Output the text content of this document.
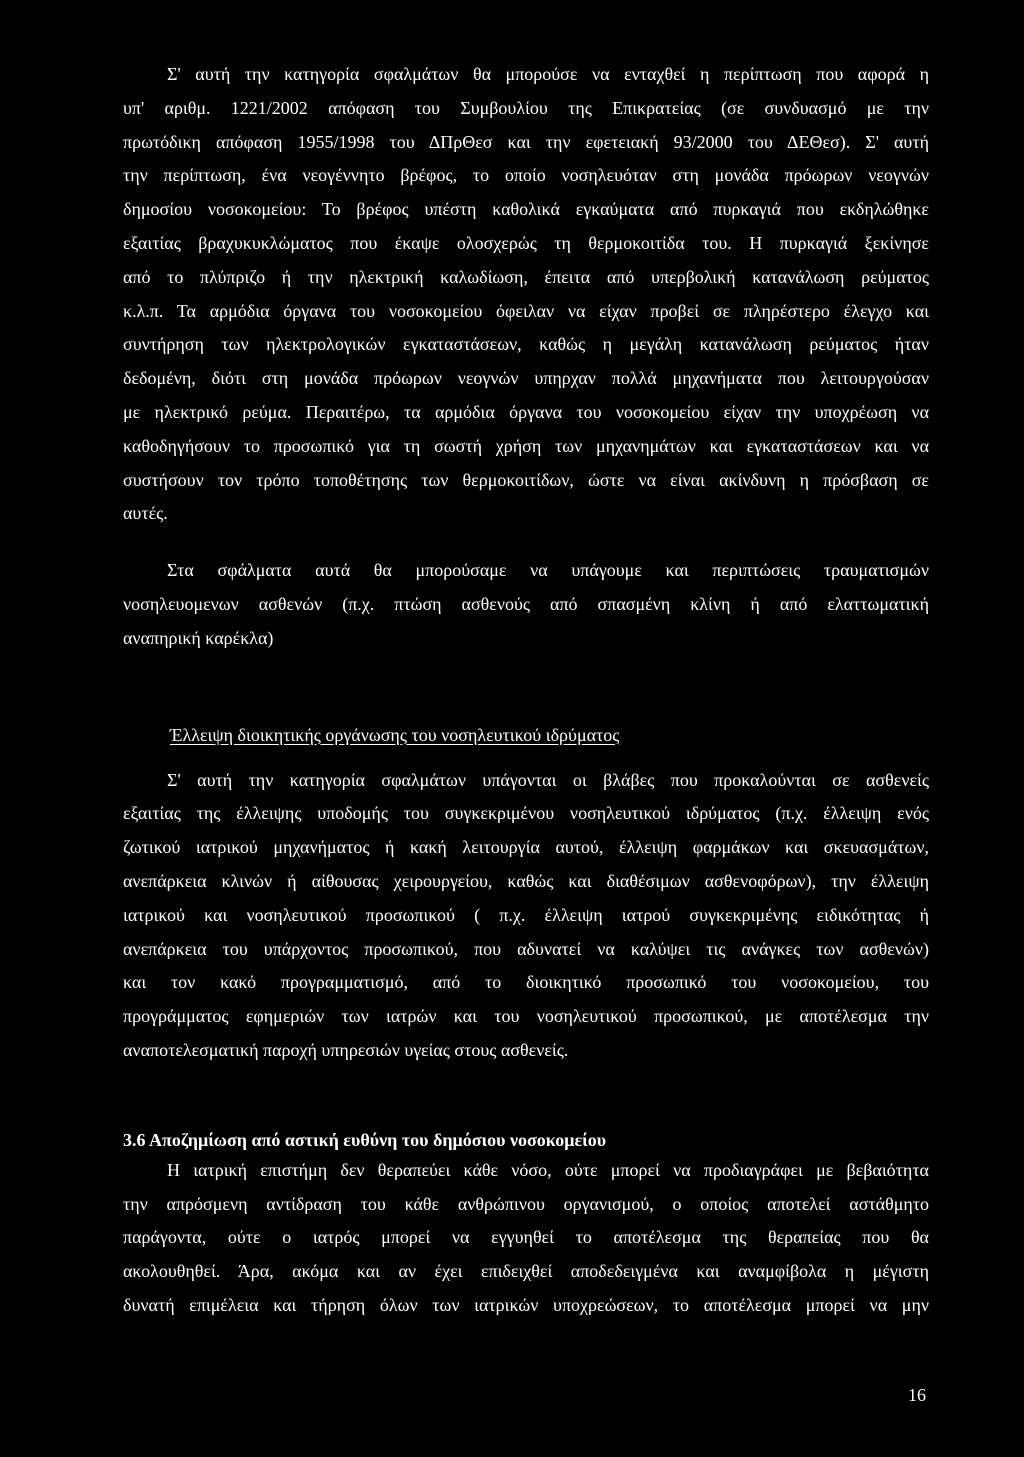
Σ' αυτή την κατηγορία σφαλμάτων θα μπορούσε να ενταχθεί η περίπτωση που αφορά η
υπ' αριθμ. 1221/2002 απόφαση του Συμβουλίου της Επικρατείας (σε συνδυασμό με την
πρωτόδικη απόφαση 1955/1998 του ΔΠρΘεσ και την εφετειακή 93/2000 του ΔΕΘεσ). Σ' αυτή
την περίπτωση, ένα νεογέννητο βρέφος, το οποίο νοσηλευόταν στη μονάδα πρόωρων νεογνών
δημοσίου νοσοκομείου: Το βρέφος υπέστη καθολικά εγκαύματα από πυρκαγιά που εκδηλώθηκε
εξαιτίας βραχυκυκλώματος που έκαψε ολοσχερώς τη θερμοκοιτίδα του. Η πυρκαγιά ξεκίνησε
από το πλύπριζο ή την ηλεκτρική καλωδίωση, έπειτα από υπερβολική κατανάλωση ρεύματος
κ.λ.π. Τα αρμόδια όργανα του νοσοκομείου όφειλαν να είχαν προβεί σε πληρέστερο έλεγχο και
συντήρηση των ηλεκτρολογικών εγκαταστάσεων, καθώς η μεγάλη κατανάλωση ρεύματος ήταν
δεδομένη, διότι στη μονάδα πρόωρων νεογνών υπηρχαν πολλά μηχανήματα που λειτουργούσαν
με ηλεκτρικό ρεύμα. Περαιτέρω, τα αρμόδια όργανα του νοσοκομείου είχαν την υποχρέωση να
καθοδηγήσουν το προσωπικό για τη σωστή χρήση των μηχανημάτων και εγκαταστάσεων και να
συστήσουν τον τρόπο τοποθέτησης των θερμοκοιτίδων, ώστε να είναι ακίνδυνη η πρόσβαση σε
αυτές.
Στα σφάλματα αυτά θα μπορούσαμε να υπάγουμε και περιπτώσεις τραυματισμών
νοσηλευομενων ασθενών (π.χ. πτώση ασθενούς από σπασμένη κλίνη ή από ελαττωματική
αναπηρική καρέκλα)
Έλλειψη διοικητικής οργάνωσης του νοσηλευτικού ιδρύματος
Σ' αυτή την κατηγορία σφαλμάτων υπάγονται οι βλάβες που προκαλούνται σε ασθενείς
εξαιτίας της έλλειψης υποδομής του συγκεκριμένου νοσηλευτικού ιδρύματος (π.χ. έλλειψη ενός
ζωτικού ιατρικού μηχανήματος ή κακή λειτουργία αυτού, έλλειψη φαρμάκων και σκευασμάτων,
ανεπάρκεια κλινών ή αίθουσας χειρουργείου, καθώς και διαθέσιμων ασθενοφόρων), την έλλειψη
ιατρικού και νοσηλευτικού προσωπικού ( π.χ. έλλειψη ιατρού συγκεκριμένης ειδικότητας ή
ανεπάρκεια του υπάρχοντος προσωπικού, που αδυνατεί να καλύψει τις ανάγκες των ασθενών)
και τον κακό προγραμματισμό, από το διοικητικό προσωπικό του νοσοκομείου, του
προγράμματος εφημεριών των ιατρών και του νοσηλευτικού προσωπικού, με αποτέλεσμα την
αναποτελεσματική παροχή υπηρεσιών υγείας στους ασθενείς.
3.6 Αποζημίωση από αστική ευθύνη του δημόσιου νοσοκομείου
Η ιατρική επιστήμη δεν θεραπεύει κάθε νόσο, ούτε μπορεί να προδιαγράφει με βεβαιότητα
την απρόσμενη αντίδραση του κάθε ανθρώπινου οργανισμού, ο οποίος αποτελεί αστάθμητο
παράγοντα, ούτε ο ιατρός μπορεί να εγγυηθεί το αποτέλεσμα της θεραπείας που θα
ακολουθηθεί. Άρα, ακόμα και αν έχει επιδειχθεί αποδεδειγμένα και αναμφίβολα η μέγιστη
δυνατή επιμέλεια και τήρηση όλων των ιατρικών υποχρεώσεων, το αποτέλεσμα μπορεί να μην
16
